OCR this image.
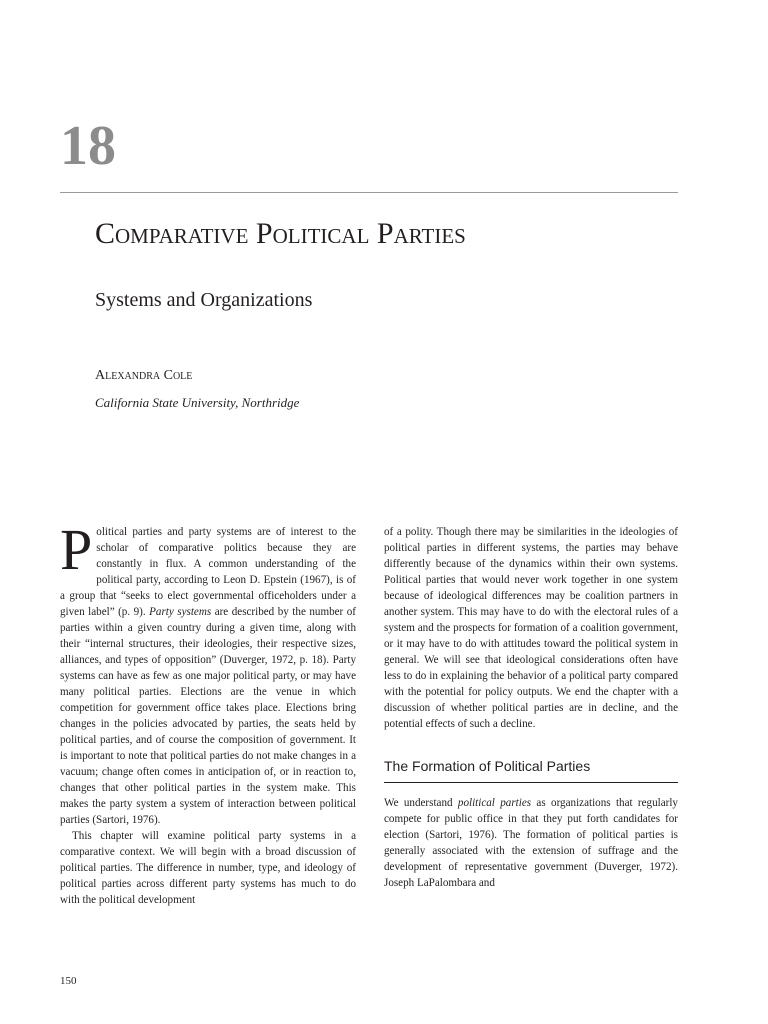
18
Comparative Political Parties
Systems and Organizations
Alexandra Cole
California State University, Northridge

Political parties and party systems are of interest to the scholar of comparative politics because they are constantly in flux. A common understanding of the political party, according to Leon D. Epstein (1967), is of a group that “seeks to elect governmental officeholders under a given label” (p. 9). Party systems are described by the number of parties within a given country during a given time, along with their “internal structures, their ideologies, their respective sizes, alliances, and types of opposition” (Duverger, 1972, p. 18). Party systems can have as few as one major political party, or may have many political parties. Elections are the venue in which competition for government office takes place. Elections bring changes in the policies advocated by parties, the seats held by political parties, and of course the composition of government. It is important to note that political parties do not make changes in a vacuum; change often comes in anticipation of, or in reaction to, changes that other political parties in the system make. This makes the party system a system of interaction between political parties (Sartori, 1976).

This chapter will examine political party systems in a comparative context. We will begin with a broad discussion of political parties. The difference in number, type, and ideology of political parties across different party systems has much to do with the political development

of a polity. Though there may be similarities in the ideologies of political parties in different systems, the parties may behave differently because of the dynamics within their own systems. Political parties that would never work together in one system because of ideological differences may be coalition partners in another system. This may have to do with the electoral rules of a system and the prospects for formation of a coalition government, or it may have to do with attitudes toward the political system in general. We will see that ideological considerations often have less to do in explaining the behavior of a political party compared with the potential for policy outputs. We end the chapter with a discussion of whether political parties are in decline, and the potential effects of such a decline.

The Formation of Political Parties

We understand political parties as organizations that regularly compete for public office in that they put forth candidates for election (Sartori, 1976). The formation of political parties is generally associated with the extension of suffrage and the development of representative government (Duverger, 1972). Joseph LaPalombara and

150
